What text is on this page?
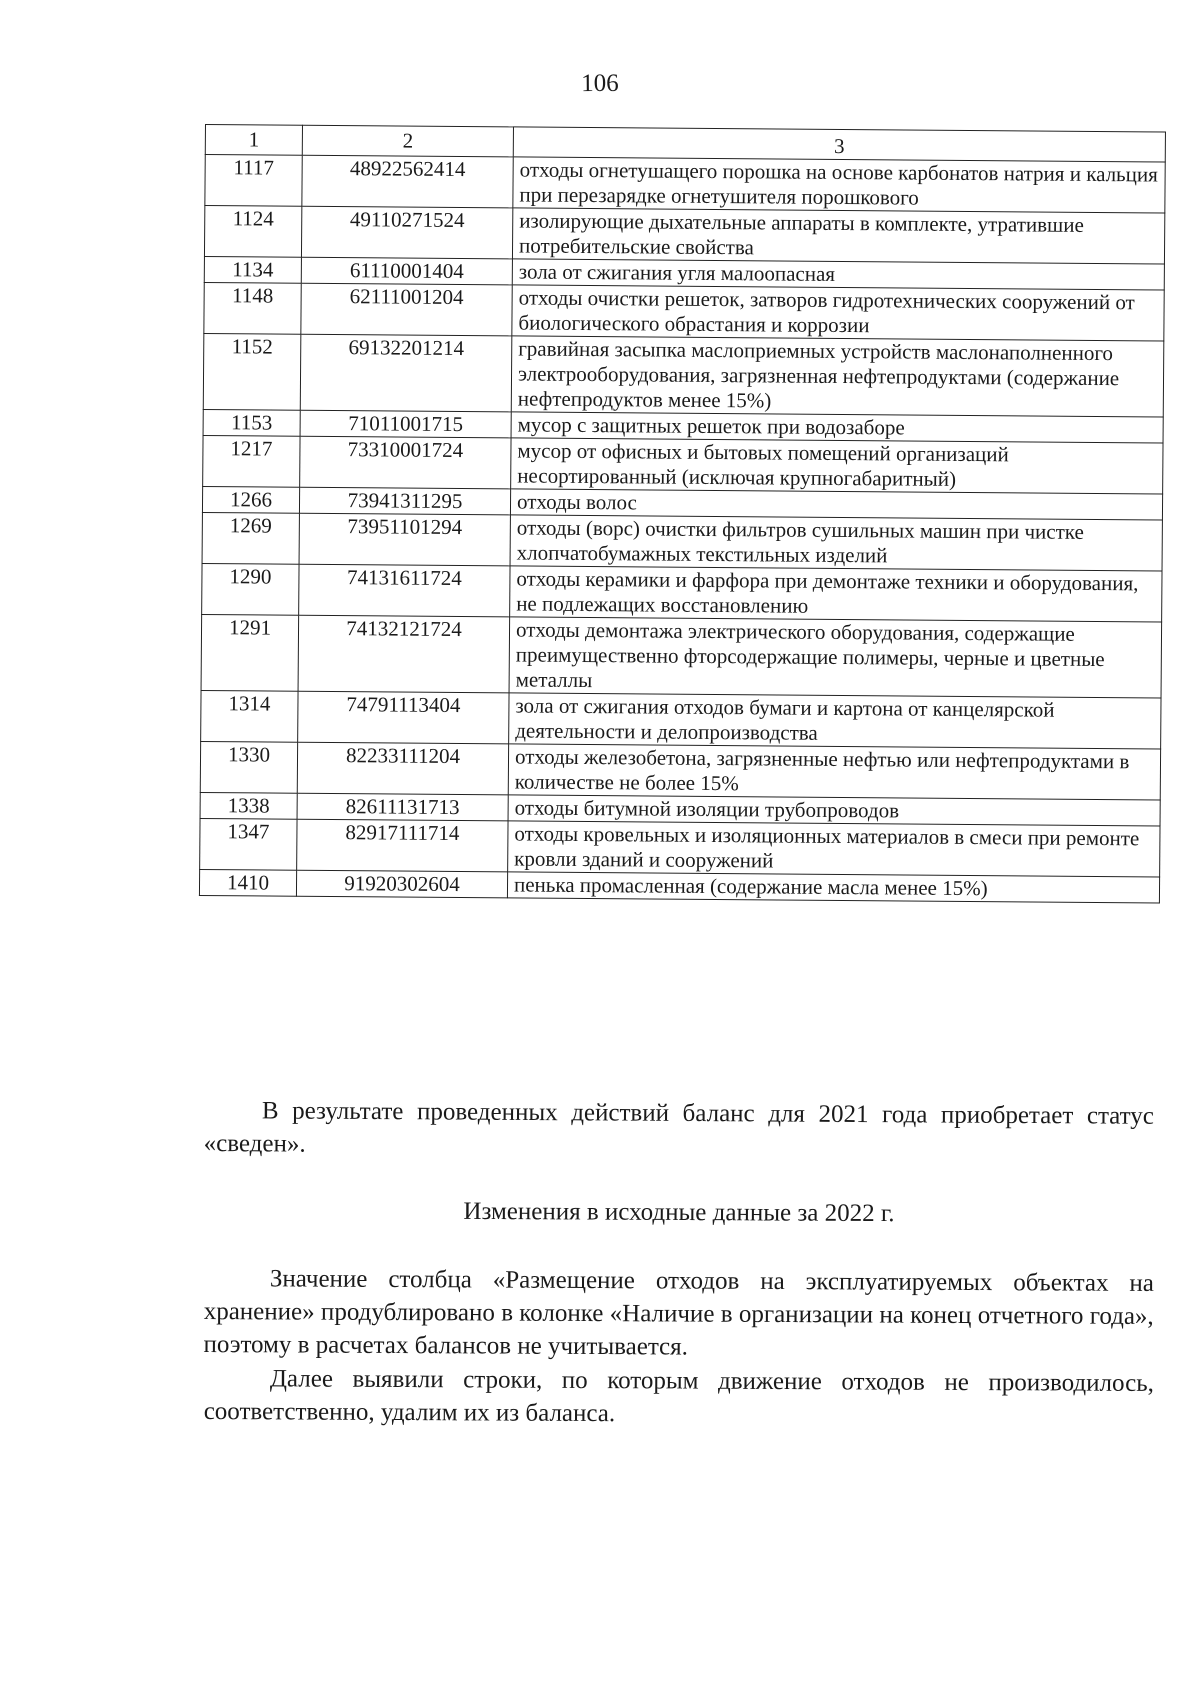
106
1	2	3
1117	48922562414	отходы огнетушащего порошка на основе карбонатов натрия и кальция при перезарядке огнетушителя порошкового
1124	49110271524	изолирующие дыхательные аппараты в комплекте, утратившие потребительские свойства
1134	61110001404	зола от сжигания угля малоопасная
1148	62111001204	отходы очистки решеток, затворов гидротехнических сооружений от биологического обрастания и коррозии
1152	69132201214	гравийная засыпка маслоприемных устройств маслонаполненного электрооборудования, загрязненная нефтепродуктами (содержание нефтепродуктов менее 15%)
1153	71011001715	мусор с защитных решеток при водозаборе
1217	73310001724	мусор от офисных и бытовых помещений организаций несортированный (исключая крупногабаритный)
1266	73941311295	отходы волос
1269	73951101294	отходы (ворс) очистки фильтров сушильных машин при чистке хлопчатобумажных текстильных изделий
1290	74131611724	отходы керамики и фарфора при демонтаже техники и оборудования, не подлежащих восстановлению
1291	74132121724	отходы демонтажа электрического оборудования, содержащие преимущественно фторсодержащие полимеры, черные и цветные металлы
1314	74791113404	зола от сжигания отходов бумаги и картона от канцелярской деятельности и делопроизводства
1330	82233111204	отходы железобетона, загрязненные нефтью или нефтепродуктами в количестве не более 15%
1338	82611131713	отходы битумной изоляции трубопроводов
1347	82917111714	отходы кровельных и изоляционных материалов в смеси при ремонте кровли зданий и сооружений
1410	91920302604	пенька промасленная (содержание масла менее 15%)
В результате проведенных действий баланс для 2021 года приобретает статус «сведен».
Изменения в исходные данные за 2022 г.
Значение столбца «Размещение отходов на эксплуатируемых объектах на хранение» продублировано в колонке «Наличие в организации на конец отчетного года», поэтому в расчетах балансов не учитывается.
Далее выявили строки, по которым движение отходов не производилось, соответственно, удалим их из баланса.
